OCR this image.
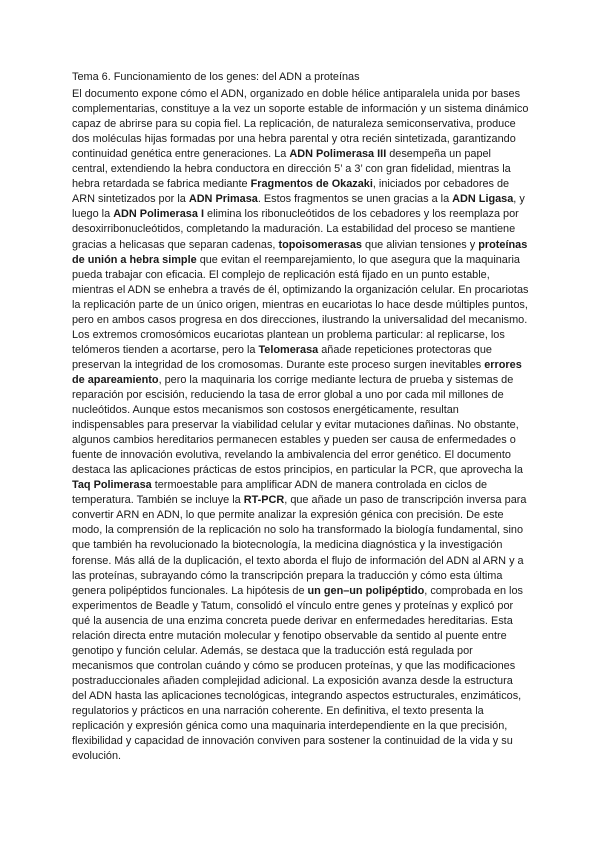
Tema 6. Funcionamiento de los genes: del ADN a proteínas

El documento expone cómo el ADN, organizado en doble hélice antiparalela unida por bases complementarias, constituye a la vez un soporte estable de información y un sistema dinámico capaz de abrirse para su copia fiel. La replicación, de naturaleza semiconservativa, produce dos moléculas hijas formadas por una hebra parental y otra recién sintetizada, garantizando continuidad genética entre generaciones. La ADN Polimerasa III desempeña un papel central, extendiendo la hebra conductora en dirección 5’ a 3’ con gran fidelidad, mientras la hebra retardada se fabrica mediante Fragmentos de Okazaki, iniciados por cebadores de ARN sintetizados por la ADN Primasa. Estos fragmentos se unen gracias a la ADN Ligasa, y luego la ADN Polimerasa I elimina los ribonucleótidos de los cebadores y los reemplaza por desoxirribonucleótidos, completando la maduración. La estabilidad del proceso se mantiene gracias a helicasas que separan cadenas, topoisomerasas que alivian tensiones y proteínas de unión a hebra simple que evitan el reemparejamiento, lo que asegura que la maquinaria pueda trabajar con eficacia. El complejo de replicación está fijado en un punto estable, mientras el ADN se enhebra a través de él, optimizando la organización celular. En procariotas la replicación parte de un único origen, mientras en eucariotas lo hace desde múltiples puntos, pero en ambos casos progresa en dos direcciones, ilustrando la universalidad del mecanismo. Los extremos cromosómicos eucariotas plantean un problema particular: al replicarse, los telómeros tienden a acortarse, pero la Telomerasa añade repeticiones protectoras que preservan la integridad de los cromosomas. Durante este proceso surgen inevitables errores de apareamiento, pero la maquinaria los corrige mediante lectura de prueba y sistemas de reparación por escisión, reduciendo la tasa de error global a uno por cada mil millones de nucleótidos. Aunque estos mecanismos son costosos energéticamente, resultan indispensables para preservar la viabilidad celular y evitar mutaciones dañinas. No obstante, algunos cambios hereditarios permanecen estables y pueden ser causa de enfermedades o fuente de innovación evolutiva, revelando la ambivalencia del error genético. El documento destaca las aplicaciones prácticas de estos principios, en particular la PCR, que aprovecha la Taq Polimerasa termoestable para amplificar ADN de manera controlada en ciclos de temperatura. También se incluye la RT-PCR, que añade un paso de transcripción inversa para convertir ARN en ADN, lo que permite analizar la expresión génica con precisión. De este modo, la comprensión de la replicación no solo ha transformado la biología fundamental, sino que también ha revolucionado la biotecnología, la medicina diagnóstica y la investigación forense. Más allá de la duplicación, el texto aborda el flujo de información del ADN al ARN y a las proteínas, subrayando cómo la transcripción prepara la traducción y cómo esta última genera polipéptidos funcionales. La hipótesis de un gen–un polipéptido, comprobada en los experimentos de Beadle y Tatum, consolidó el vínculo entre genes y proteínas y explicó por qué la ausencia de una enzima concreta puede derivar en enfermedades hereditarias. Esta relación directa entre mutación molecular y fenotipo observable da sentido al puente entre genotipo y función celular. Además, se destaca que la traducción está regulada por mecanismos que controlan cuándo y cómo se producen proteínas, y que las modificaciones postraduccionales añaden complejidad adicional. La exposición avanza desde la estructura del ADN hasta las aplicaciones tecnológicas, integrando aspectos estructurales, enzimáticos, regulatorios y prácticos en una narración coherente. En definitiva, el texto presenta la replicación y expresión génica como una maquinaria interdependiente en la que precisión, flexibilidad y capacidad de innovación conviven para sostener la continuidad de la vida y su evolución.
